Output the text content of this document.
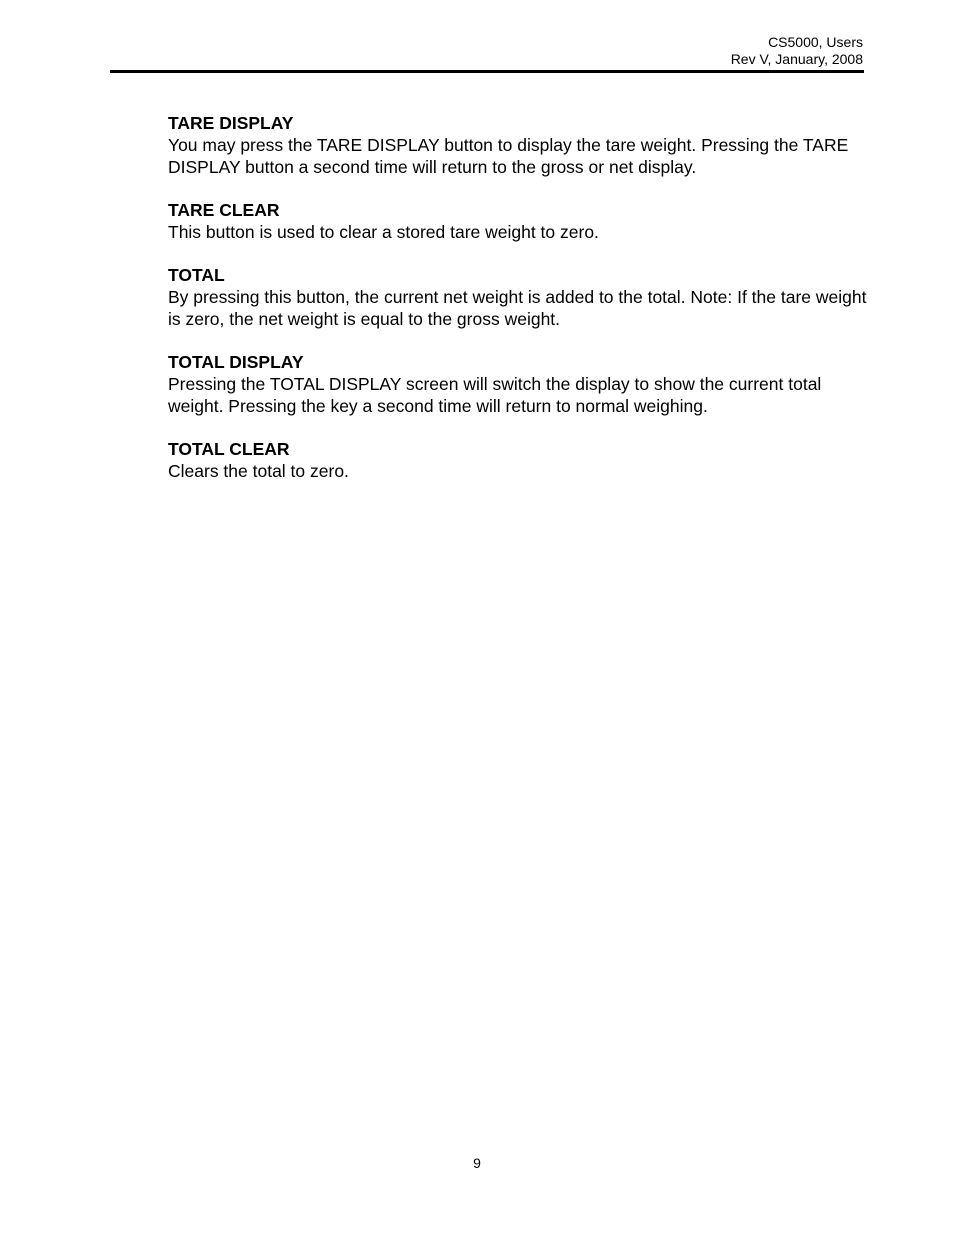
CS5000, Users
Rev V, January, 2008

TARE DISPLAY

You may press the TARE DISPLAY button to display the tare weight. Pressing the TARE DISPLAY button a second time will return to the gross or net display.

TARE CLEAR

This button is used to clear a stored tare weight to zero.

TOTAL

By pressing this button, the current net weight is added to the total. Note: If the tare weight is zero, the net weight is equal to the gross weight.

TOTAL DISPLAY

Pressing the TOTAL DISPLAY screen will switch the display to show the current total weight. Pressing the key a second time will return to normal weighing.

TOTAL CLEAR

Clears the total to zero.

9
